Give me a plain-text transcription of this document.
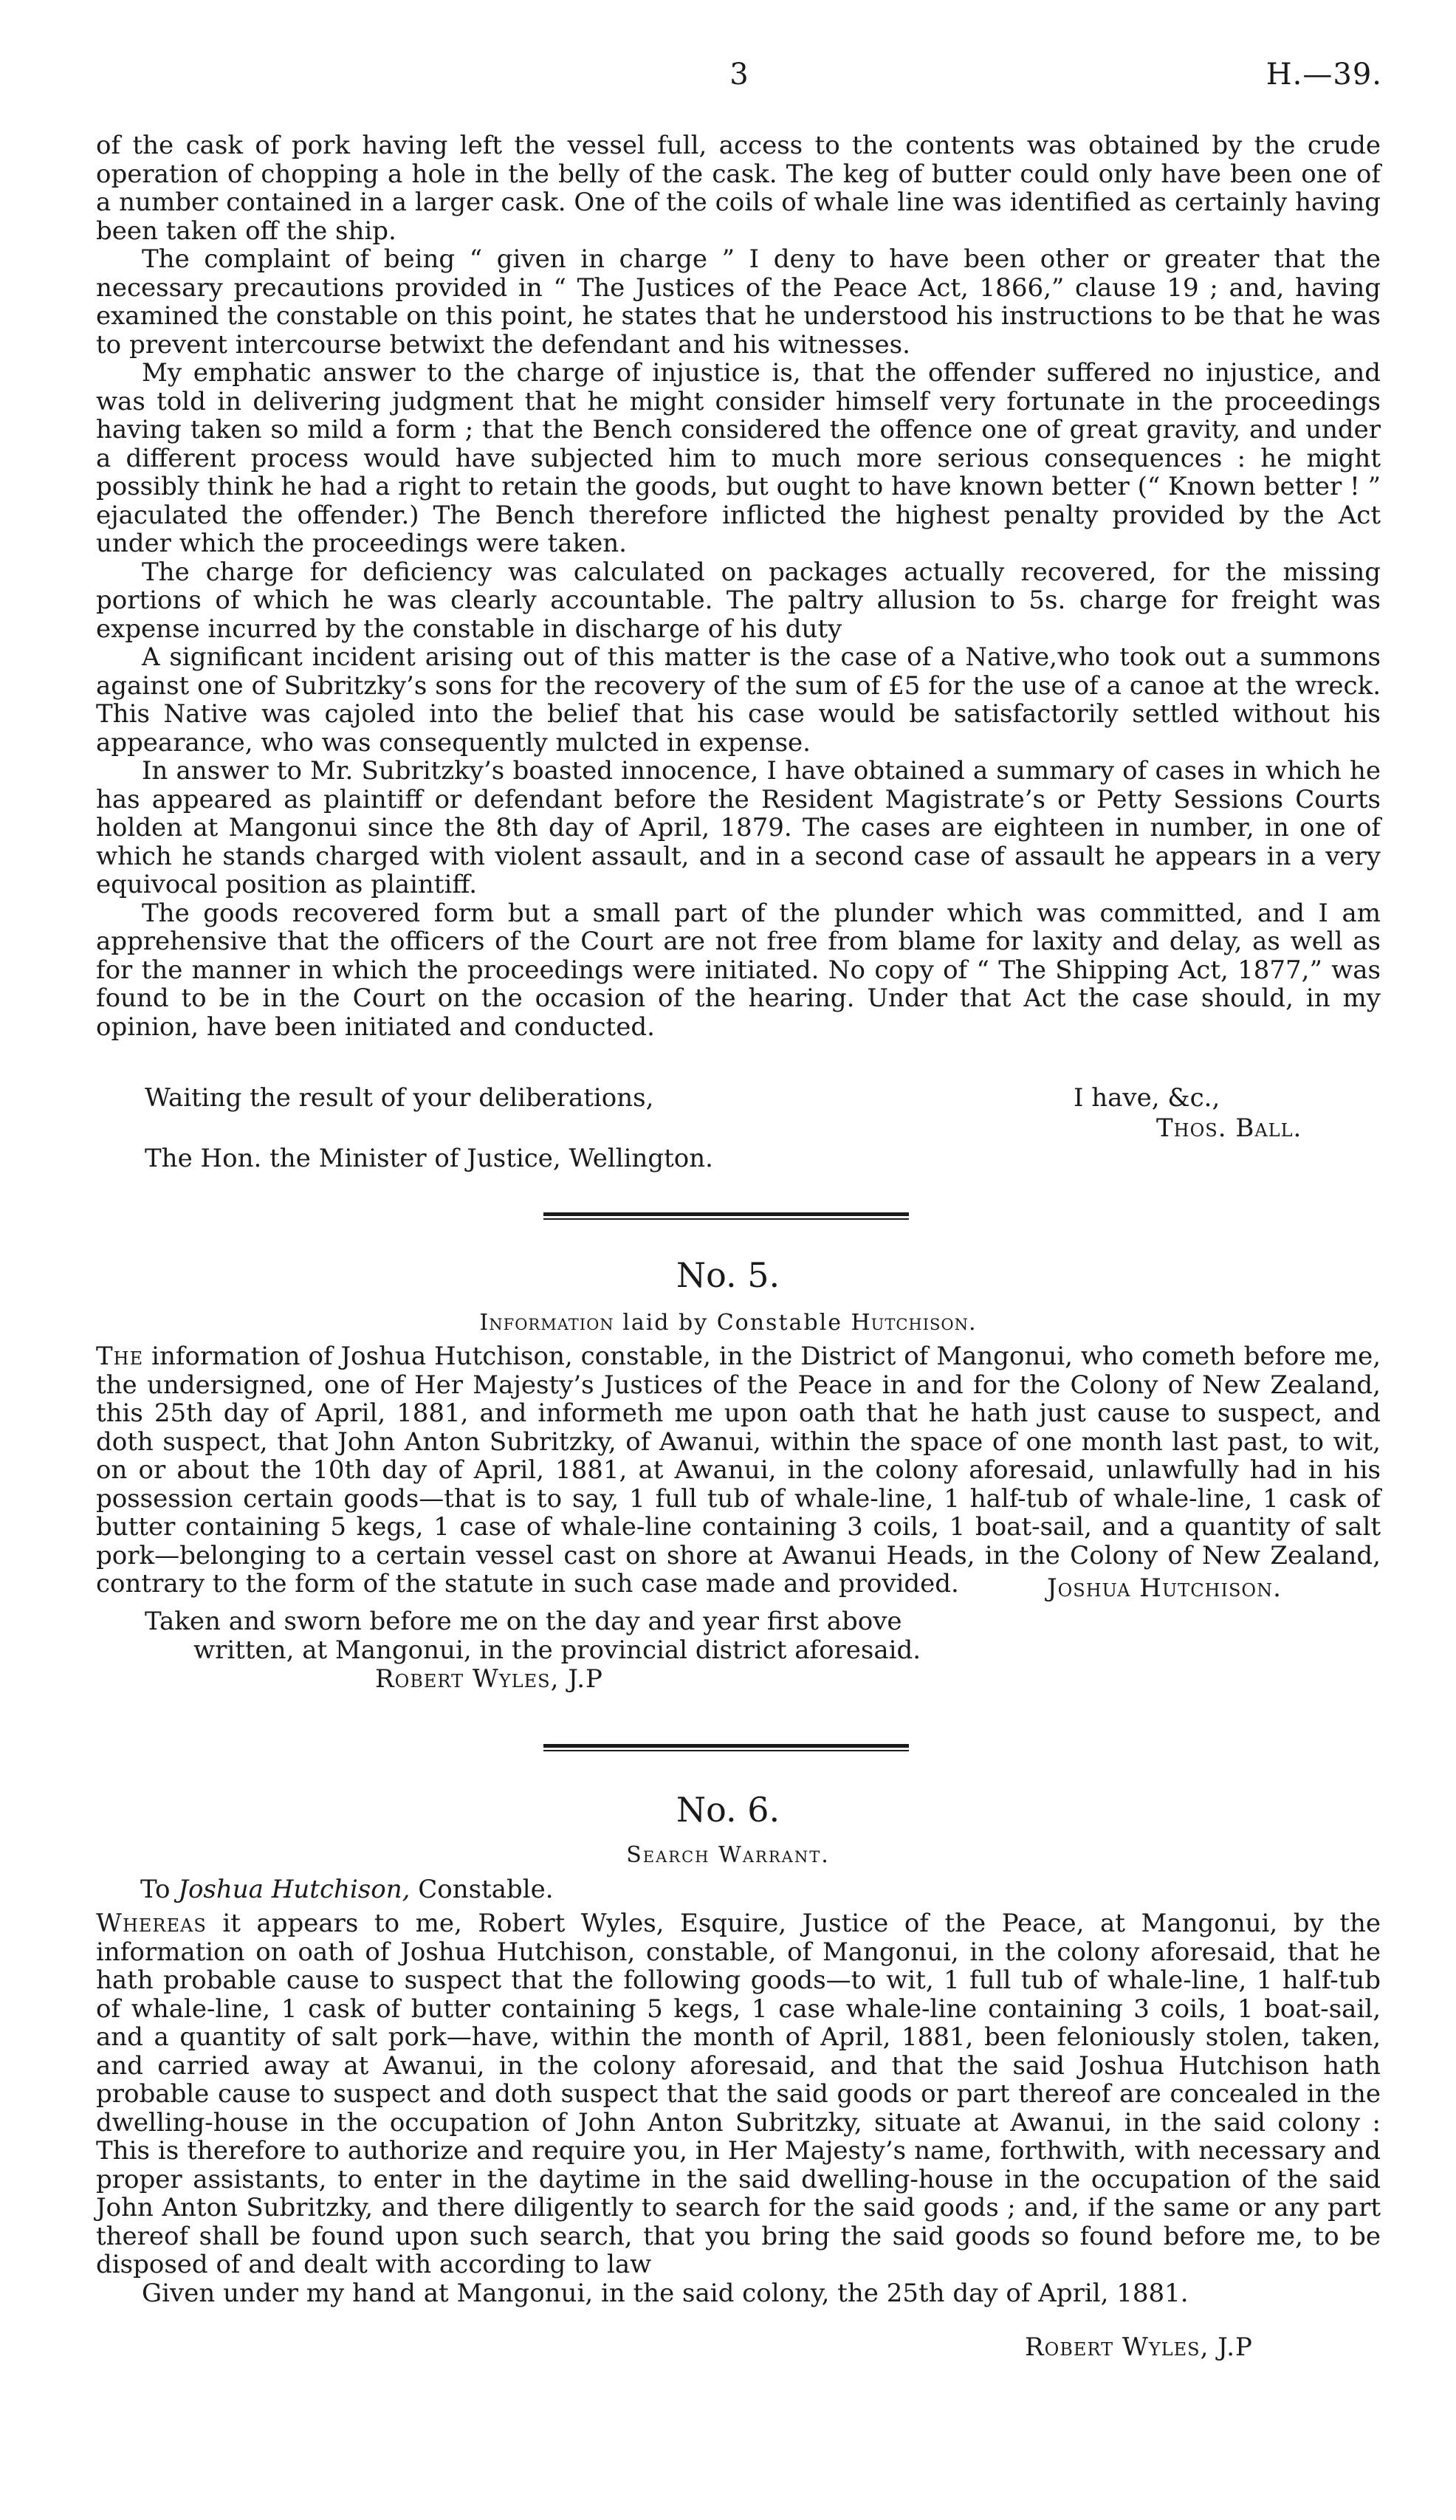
3	H.—39.

of the cask of pork having left the vessel full, access to the contents was obtained by the crude operation of chopping a hole in the belly of the cask. The keg of butter could only have been one of a number contained in a larger cask. One of the coils of whale line was identified as certainly having been taken off the ship.

The complaint of being “ given in charge ” I deny to have been other or greater that the necessary precautions provided in “ The Justices of the Peace Act, 1866,” clause 19 ; and, having examined the constable on this point, he states that he understood his instructions to be that he was to prevent intercourse betwixt the defendant and his witnesses.

My emphatic answer to the charge of injustice is, that the offender suffered no injustice, and was told in delivering judgment that he might consider himself very fortunate in the proceedings having taken so mild a form ; that the Bench considered the offence one of great gravity, and under a different process would have subjected him to much more serious consequences : he might possibly think he had a right to retain the goods, but ought to have known better (“ Known better ! ” ejaculated the offender.) The Bench therefore inflicted the highest penalty provided by the Act under which the proceedings were taken.

The charge for deficiency was calculated on packages actually recovered, for the missing portions of which he was clearly accountable. The paltry allusion to 5s. charge for freight was expense incurred by the constable in discharge of his duty

A significant incident arising out of this matter is the case of a Native,who took out a summons against one of Subritzky’s sons for the recovery of the sum of £5 for the use of a canoe at the wreck. This Native was cajoled into the belief that his case would be satisfactorily settled without his appearance, who was consequently mulcted in expense.

In answer to Mr. Subritzky’s boasted innocence, I have obtained a summary of cases in which he has appeared as plaintiff or defendant before the Resident Magistrate’s or Petty Sessions Courts holden at Mangonui since the 8th day of April, 1879. The cases are eighteen in number, in one of which he stands charged with violent assault, and in a second case of assault he appears in a very equivocal position as plaintiff.

The goods recovered form but a small part of the plunder which was committed, and I am apprehensive that the officers of the Court are not free from blame for laxity and delay, as well as for the manner in which the proceedings were initiated. No copy of “ The Shipping Act, 1877,” was found to be in the Court on the occasion of the hearing. Under that Act the case should, in my opinion, have been initiated and conducted.

Waiting the result of your deliberations,	I have, &c.,
Thos. Ball.
The Hon. the Minister of Justice, Wellington.
No. 5.
Information laid by Constable Hutchison.

The information of Joshua Hutchison, constable, in the District of Mangonui, who cometh before me, the undersigned, one of Her Majesty’s Justices of the Peace in and for the Colony of New Zealand, this 25th day of April, 1881, and informeth me upon oath that he hath just cause to suspect, and doth suspect, that John Anton Subritzky, of Awanui, within the space of one month last past, to wit, on or about the 10th day of April, 1881, at Awanui, in the colony aforesaid, unlawfully had in his possession certain goods—that is to say, 1 full tub of whale-line, 1 half-tub of whale-line, 1 cask of butter containing 5 kegs, 1 case of whale-line containing 3 coils, 1 boat-sail, and a quantity of salt pork—belonging to a certain vessel cast on shore at Awanui Heads, in the Colony of New Zealand, contrary to the form of the statute in such case made and provided.	Joshua Hutchison.
Taken and sworn before me on the day and year first above
written, at Mangonui, in the provincial district aforesaid.
Robert Wyles, J.P
No. 6.
Search Warrant.
To Joshua Hutchison, Constable.

Whereas it appears to me, Robert Wyles, Esquire, Justice of the Peace, at Mangonui, by the information on oath of Joshua Hutchison, constable, of Mangonui, in the colony aforesaid, that he hath probable cause to suspect that the following goods—to wit, 1 full tub of whale-line, 1 half-tub of whale-line, 1 cask of butter containing 5 kegs, 1 case whale-line containing 3 coils, 1 boat-sail, and a quantity of salt pork—have, within the month of April, 1881, been feloniously stolen, taken, and carried away at Awanui, in the colony aforesaid, and that the said Joshua Hutchison hath probable cause to suspect and doth suspect that the said goods or part thereof are concealed in the dwelling-house in the occupation of John Anton Subritzky, situate at Awanui, in the said colony : This is therefore to authorize and require you, in Her Majesty’s name, forthwith, with necessary and proper assistants, to enter in the daytime in the said dwelling-house in the occupation of the said John Anton Subritzky, and there diligently to search for the said goods ; and, if the same or any part thereof shall be found upon such search, that you bring the said goods so found before me, to be disposed of and dealt with according to law

Given under my hand at Mangonui, in the said colony, the 25th day of April, 1881.

Robert Wyles, J.P
